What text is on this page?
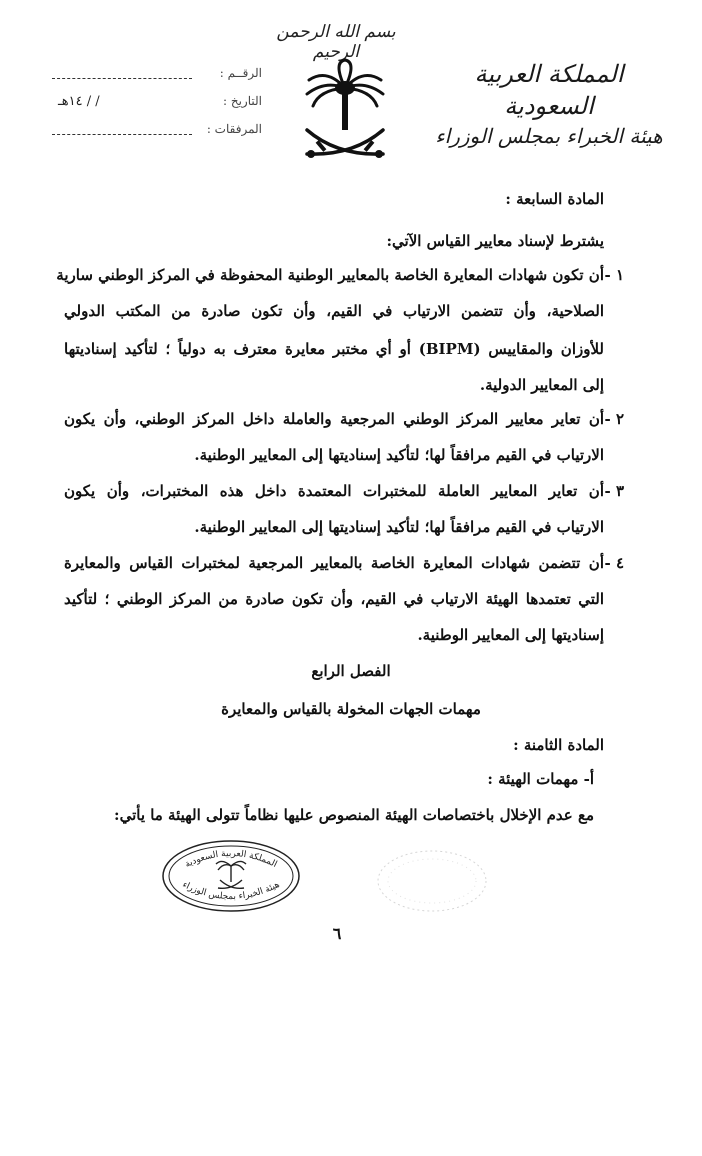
بسم الله الرحمن الرحيم
المملكة العربية السعودية
هيئة الخبراء بمجلس الوزراء
الرقــم :
التاريخ :
/ / ١٤هـ
المرفقات :
المادة السابعة :
يشترط لإسناد معايير القياس الآتي:
١ -
أن تكون شهادات المعايرة الخاصة بالمعايير الوطنية المحفوظة في المركز الوطني سارية
الصلاحية، وأن تتضمن الارتياب في القيم، وأن تكون صادرة من المكتب الدولي
للأوزان والمقاييس (BIPM) أو أي مختبر معايرة معترف به دولياً ؛ لتأكيد إسناديتها
إلى المعايير الدولية.
٢ -
أن تعاير معايير المركز الوطني المرجعية والعاملة داخل المركز الوطني، وأن يكون
الارتياب في القيم مرافقاً لها؛ لتأكيد إسناديتها إلى المعايير الوطنية.
٣ -
أن تعاير المعايير العاملة للمختبرات المعتمدة داخل هذه المختبرات، وأن يكون
الارتياب في القيم مرافقاً لها؛ لتأكيد إسناديتها إلى المعايير الوطنية.
٤ -
أن تتضمن شهادات المعايرة الخاصة بالمعايير المرجعية لمختبرات القياس والمعايرة
التي تعتمدها الهيئة الارتياب في القيم، وأن تكون صادرة من المركز الوطني ؛ لتأكيد
إسناديتها إلى المعايير الوطنية.
الفصل الرابع
مهمات الجهات المخولة بالقياس والمعايرة
المادة الثامنة :
أ- مهمات الهيئة :
مع عدم الإخلال باختصاصات الهيئة المنصوص عليها نظاماً تتولى الهيئة ما يأتي:
المملكة العربية السعودية
هيئة الخبراء بمجلس الوزراء
٦
